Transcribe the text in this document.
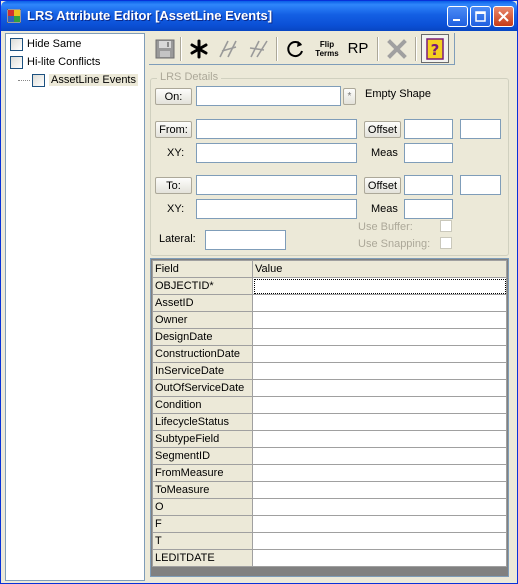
LRS Attribute Editor [AssetLine Events]
Hide Same
Hi-lite Conflicts
AssetLine Events
Flip
Terms RP	?
LRS Details
On:	*	Empty Shape
From:	Offset
XY:	Meas
To:	Offset
XY:	Meas
Lateral:
Use Buffer:
Use Snapping:
Field	Value
OBJECTID*	
AssetID	
Owner	
DesignDate	
ConstructionDate	
InServiceDate	
OutOfServiceDate	
Condition	
LifecycleStatus	
SubtypeField	
SegmentID	
FromMeasure	
ToMeasure	
O	
F	
T	
LEDITDATE	
